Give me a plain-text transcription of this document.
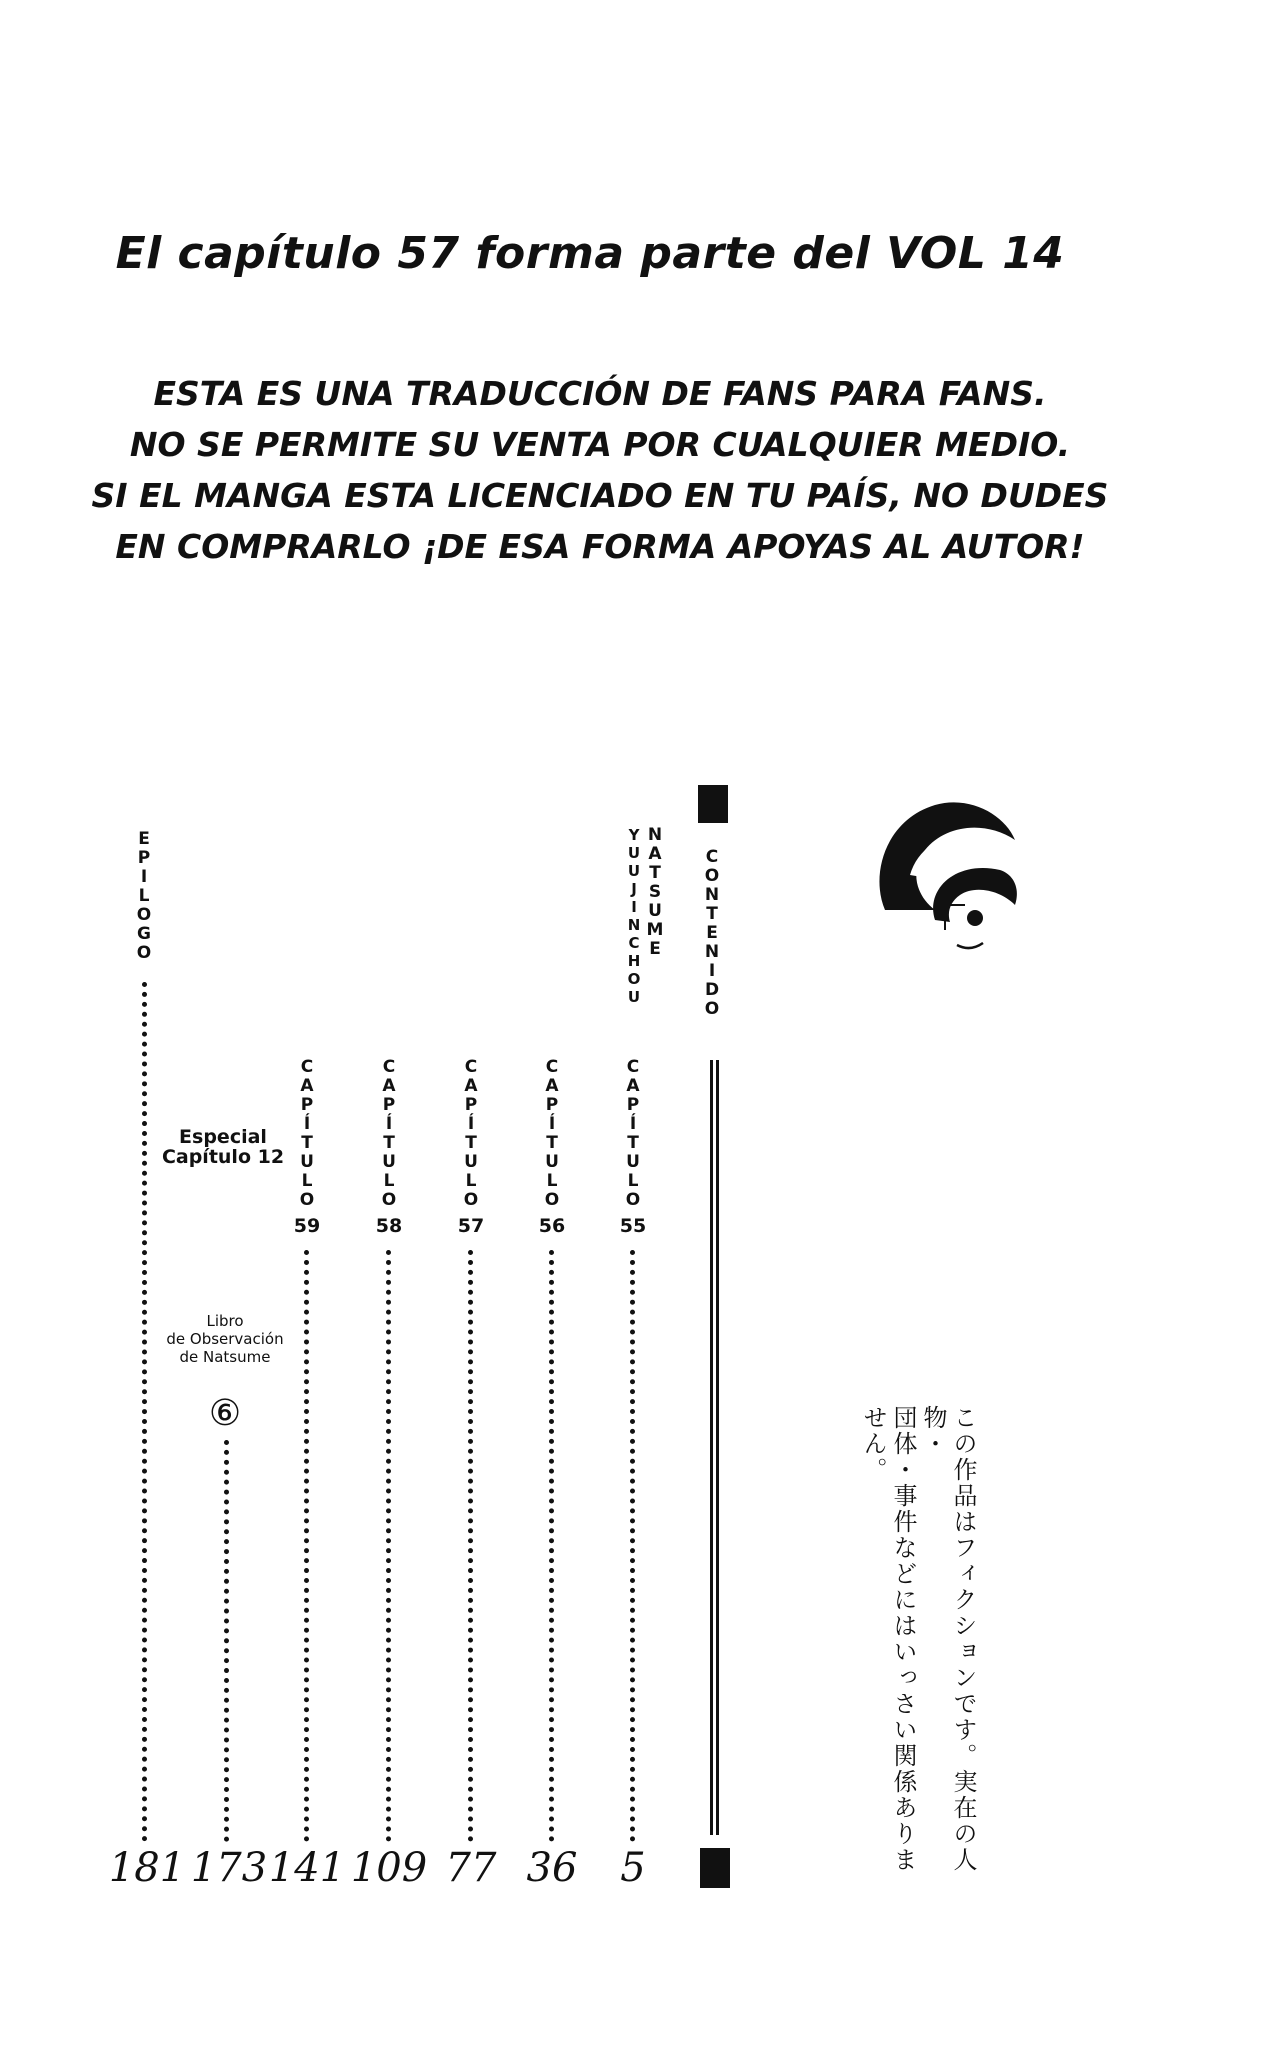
El capítulo 57 forma parte del VOL 14
ESTA ES UNA TRADUCCIÓN DE FANS PARA FANS.
NO SE PERMITE SU VENTA POR CUALQUIER MEDIO.
SI EL MANGA ESTA LICENCIADO EN TU PAÍS, NO DUDES
EN COMPRARLO ¡DE ESA FORMA APOYAS AL AUTOR!
C
O
N
T
E
N
I
D
O
N
A
T
S
U
M
E
Y
U
U
J
I
N
C
H
O
U
E
P
I
L
O
G
O
181
Especial
Capítulo 12
Libro
de Observación
de Natsume
⑥
173
C
A
P
Í
T
U
L
O
55
5
C
A
P
Í
T
U
L
O
56
36
C
A
P
Í
T
U
L
O
57
77
C
A
P
Í
T
U
L
O
58
109
C
A
P
Í
T
U
L
O
59
141	この作品はフィクションです。実在の人物・
団体・事件などにはいっさい関係ありません。
